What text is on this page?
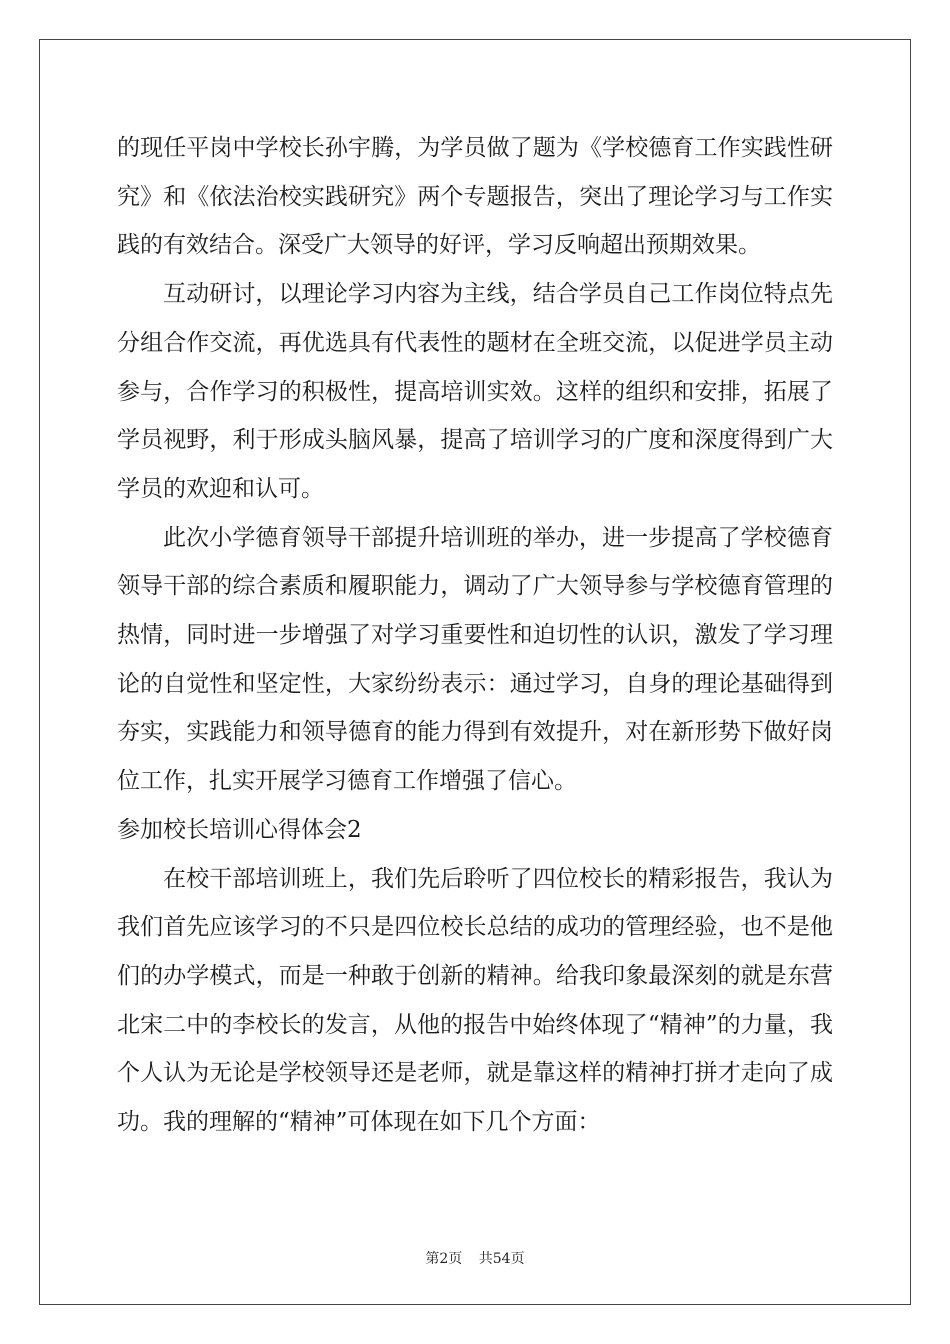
的现任平岗中学校长孙宇腾，为学员做了题为《学校德育工作实践性研究》和《依法治校实践研究》两个专题报告，突出了理论学习与工作实践的有效结合。深受广大领导的好评，学习反响超出预期效果。

互动研讨，以理论学习内容为主线，结合学员自己工作岗位特点先分组合作交流，再优选具有代表性的题材在全班交流，以促进学员主动参与，合作学习的积极性，提高培训实效。这样的组织和安排，拓展了学员视野，利于形成头脑风暴，提高了培训学习的广度和深度得到广大学员的欢迎和认可。

此次小学德育领导干部提升培训班的举办，进一步提高了学校德育领导干部的综合素质和履职能力，调动了广大领导参与学校德育管理的热情，同时进一步增强了对学习重要性和迫切性的认识，激发了学习理论的自觉性和坚定性，大家纷纷表示：通过学习，自身的理论基础得到夯实，实践能力和领导德育的能力得到有效提升，对在新形势下做好岗位工作，扎实开展学习德育工作增强了信心。

参加校长培训心得体会2

在校干部培训班上，我们先后聆听了四位校长的精彩报告，我认为我们首先应该学习的不只是四位校长总结的成功的管理经验，也不是他们的办学模式，而是一种敢于创新的精神。给我印象最深刻的就是东营北宋二中的李校长的发言，从他的报告中始终体现了“精神”的力量，我个人认为无论是学校领导还是老师，就是靠这样的精神打拼才走向了成功。我的理解的“精神”可体现在如下几个方面：

第2页 共54页
